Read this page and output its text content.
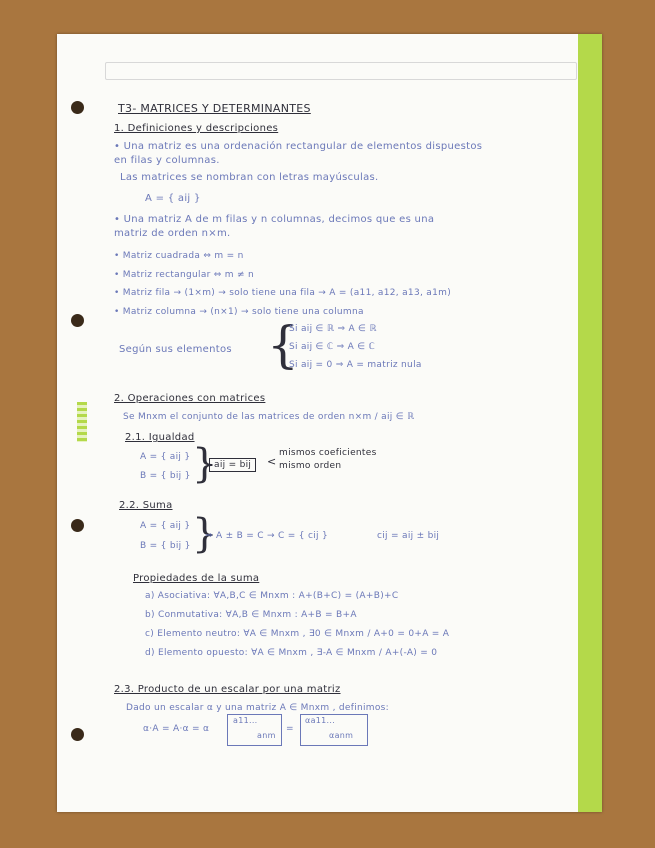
T3- MATRICES Y DETERMINANTES
1. Definiciones y descripciones
• Una matriz es una ordenación rectangular de elementos dispuestos
en filas y columnas.
Las matrices se nombran con letras mayúsculas.
A = { aij }
• Una matriz A de m filas y n columnas, decimos que es una
matriz de orden n×m.
• Matriz cuadrada ⇔ m = n
• Matriz rectangular ⇔ m ≠ n
• Matriz fila → (1×m) → solo tiene una fila → A = (a11, a12, a13, a1m)
• Matriz columna → (n×1) → solo tiene una columna
Según sus elementos {
Si aij ∈ ℝ ⇒ A ∈ ℝ
Si aij ∈ ℂ ⇒ A ∈ ℂ
Si aij = 0 ⇒ A = matriz nula
2. Operaciones con matrices
Se Mnxm el conjunto de las matrices de orden n×m / aij ∈ ℝ
2.1. Igualdad
A = { aij }
B = { bij } }
aij = bij	<
mismos coeficientes
mismo orden
2.2. Suma
A = { aij }
B = { bij } }
⇒ A ± B = C → C = { cij }	cij = aij ± bij
Propiedades de la suma
a) Asociativa: ∀A,B,C ∈ Mnxm : A+(B+C) = (A+B)+C
b) Conmutativa: ∀A,B ∈ Mnxm : A+B = B+A
c) Elemento neutro: ∀A ∈ Mnxm , ∃0 ∈ Mnxm / A+0 = 0+A = A
d) Elemento opuesto: ∀A ∈ Mnxm , ∃-A ∈ Mnxm / A+(-A) = 0
2.3. Producto de un escalar por una matriz
Dado un escalar α y una matriz A ∈ Mnxm , definimos:
α·A = A·α = α
a11...
anm
=
αa11...
αanm
